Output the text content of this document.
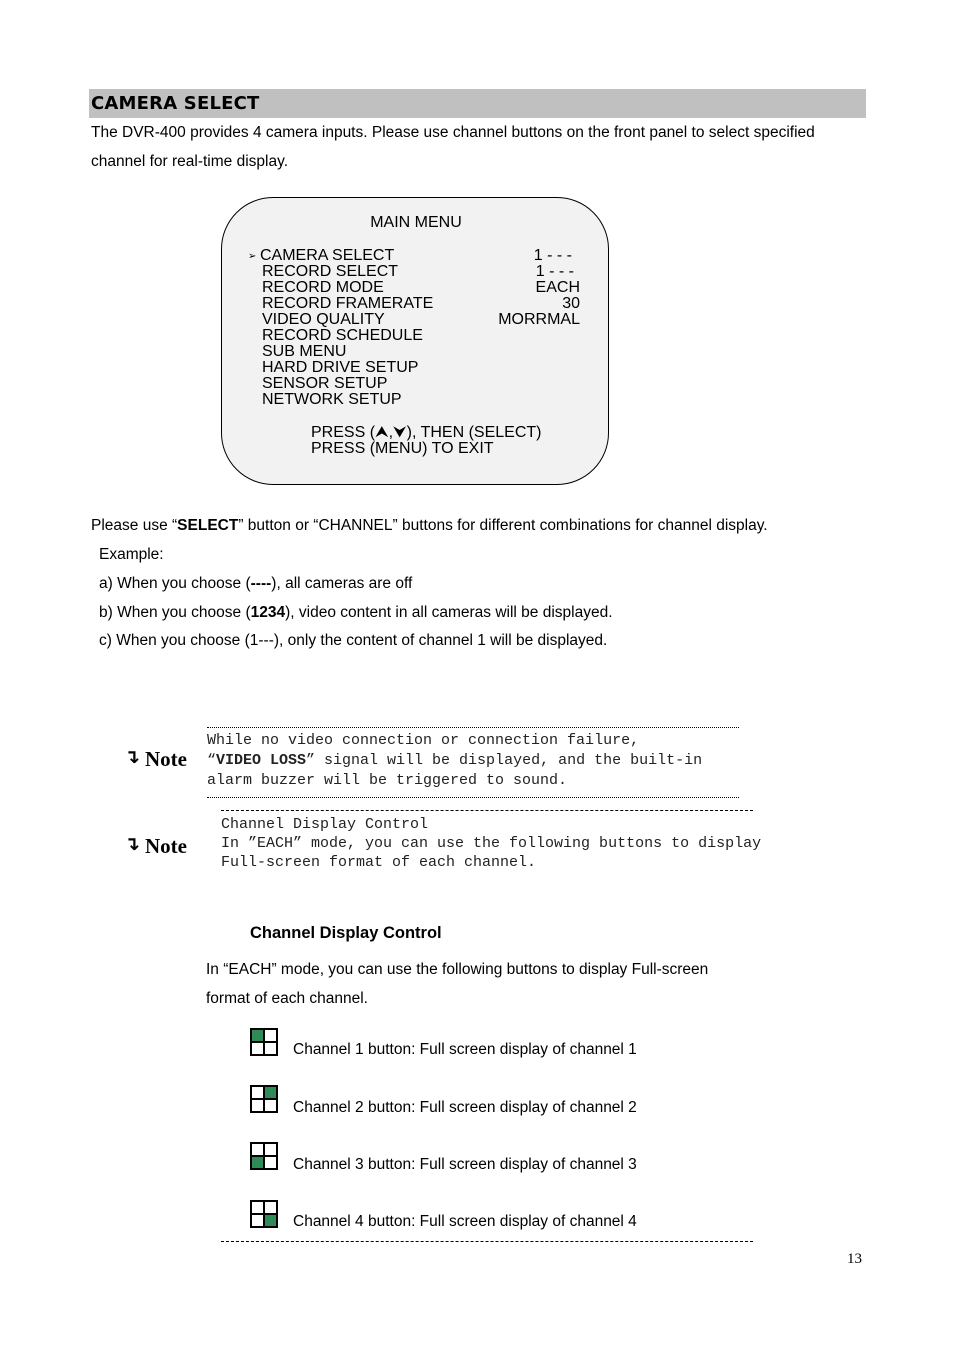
CAMERA SELECT
The DVR-400 provides 4 camera inputs. Please use channel buttons on the front panel to select specified
channel for real-time display.
MAIN MENU
➢ CAMERA SELECT	1 - - -
RECORD SELECT	1 - - -
RECORD MODE	EACH
RECORD FRAMERATE	30
VIDEO QUALITY	MORRMAL
RECORD SCHEDULE
SUB MENU
HARD DRIVE SETUP
SENSOR SETUP
NETWORK SETUP
PRESS (⮝,⮟), THEN (SELECT)
PRESS (MENU) TO EXIT
Please use “SELECT” button or “CHANNEL” buttons for different combinations for channel display.
Example:
a) When you choose (----), all cameras are off
b) When you choose (1234), video content in all cameras will be displayed.
c) When you choose (1---), only the content of channel 1 will be displayed.
↴ Note
While no video connection or connection failure,
“VIDEO LOSS” signal will be displayed, and the built-in
alarm buzzer will be triggered to sound.
↴ Note
Channel Display Control
In ”EACH” mode, you can use the following buttons to display
Full-screen format of each channel.
Channel Display Control
In “EACH” mode, you can use the following buttons to display Full-screen
format of each channel.
Channel 1 button: Full screen display of channel 1
Channel 2 button: Full screen display of channel 2
Channel 3 button: Full screen display of channel 3
Channel 4 button: Full screen display of channel 4
13
